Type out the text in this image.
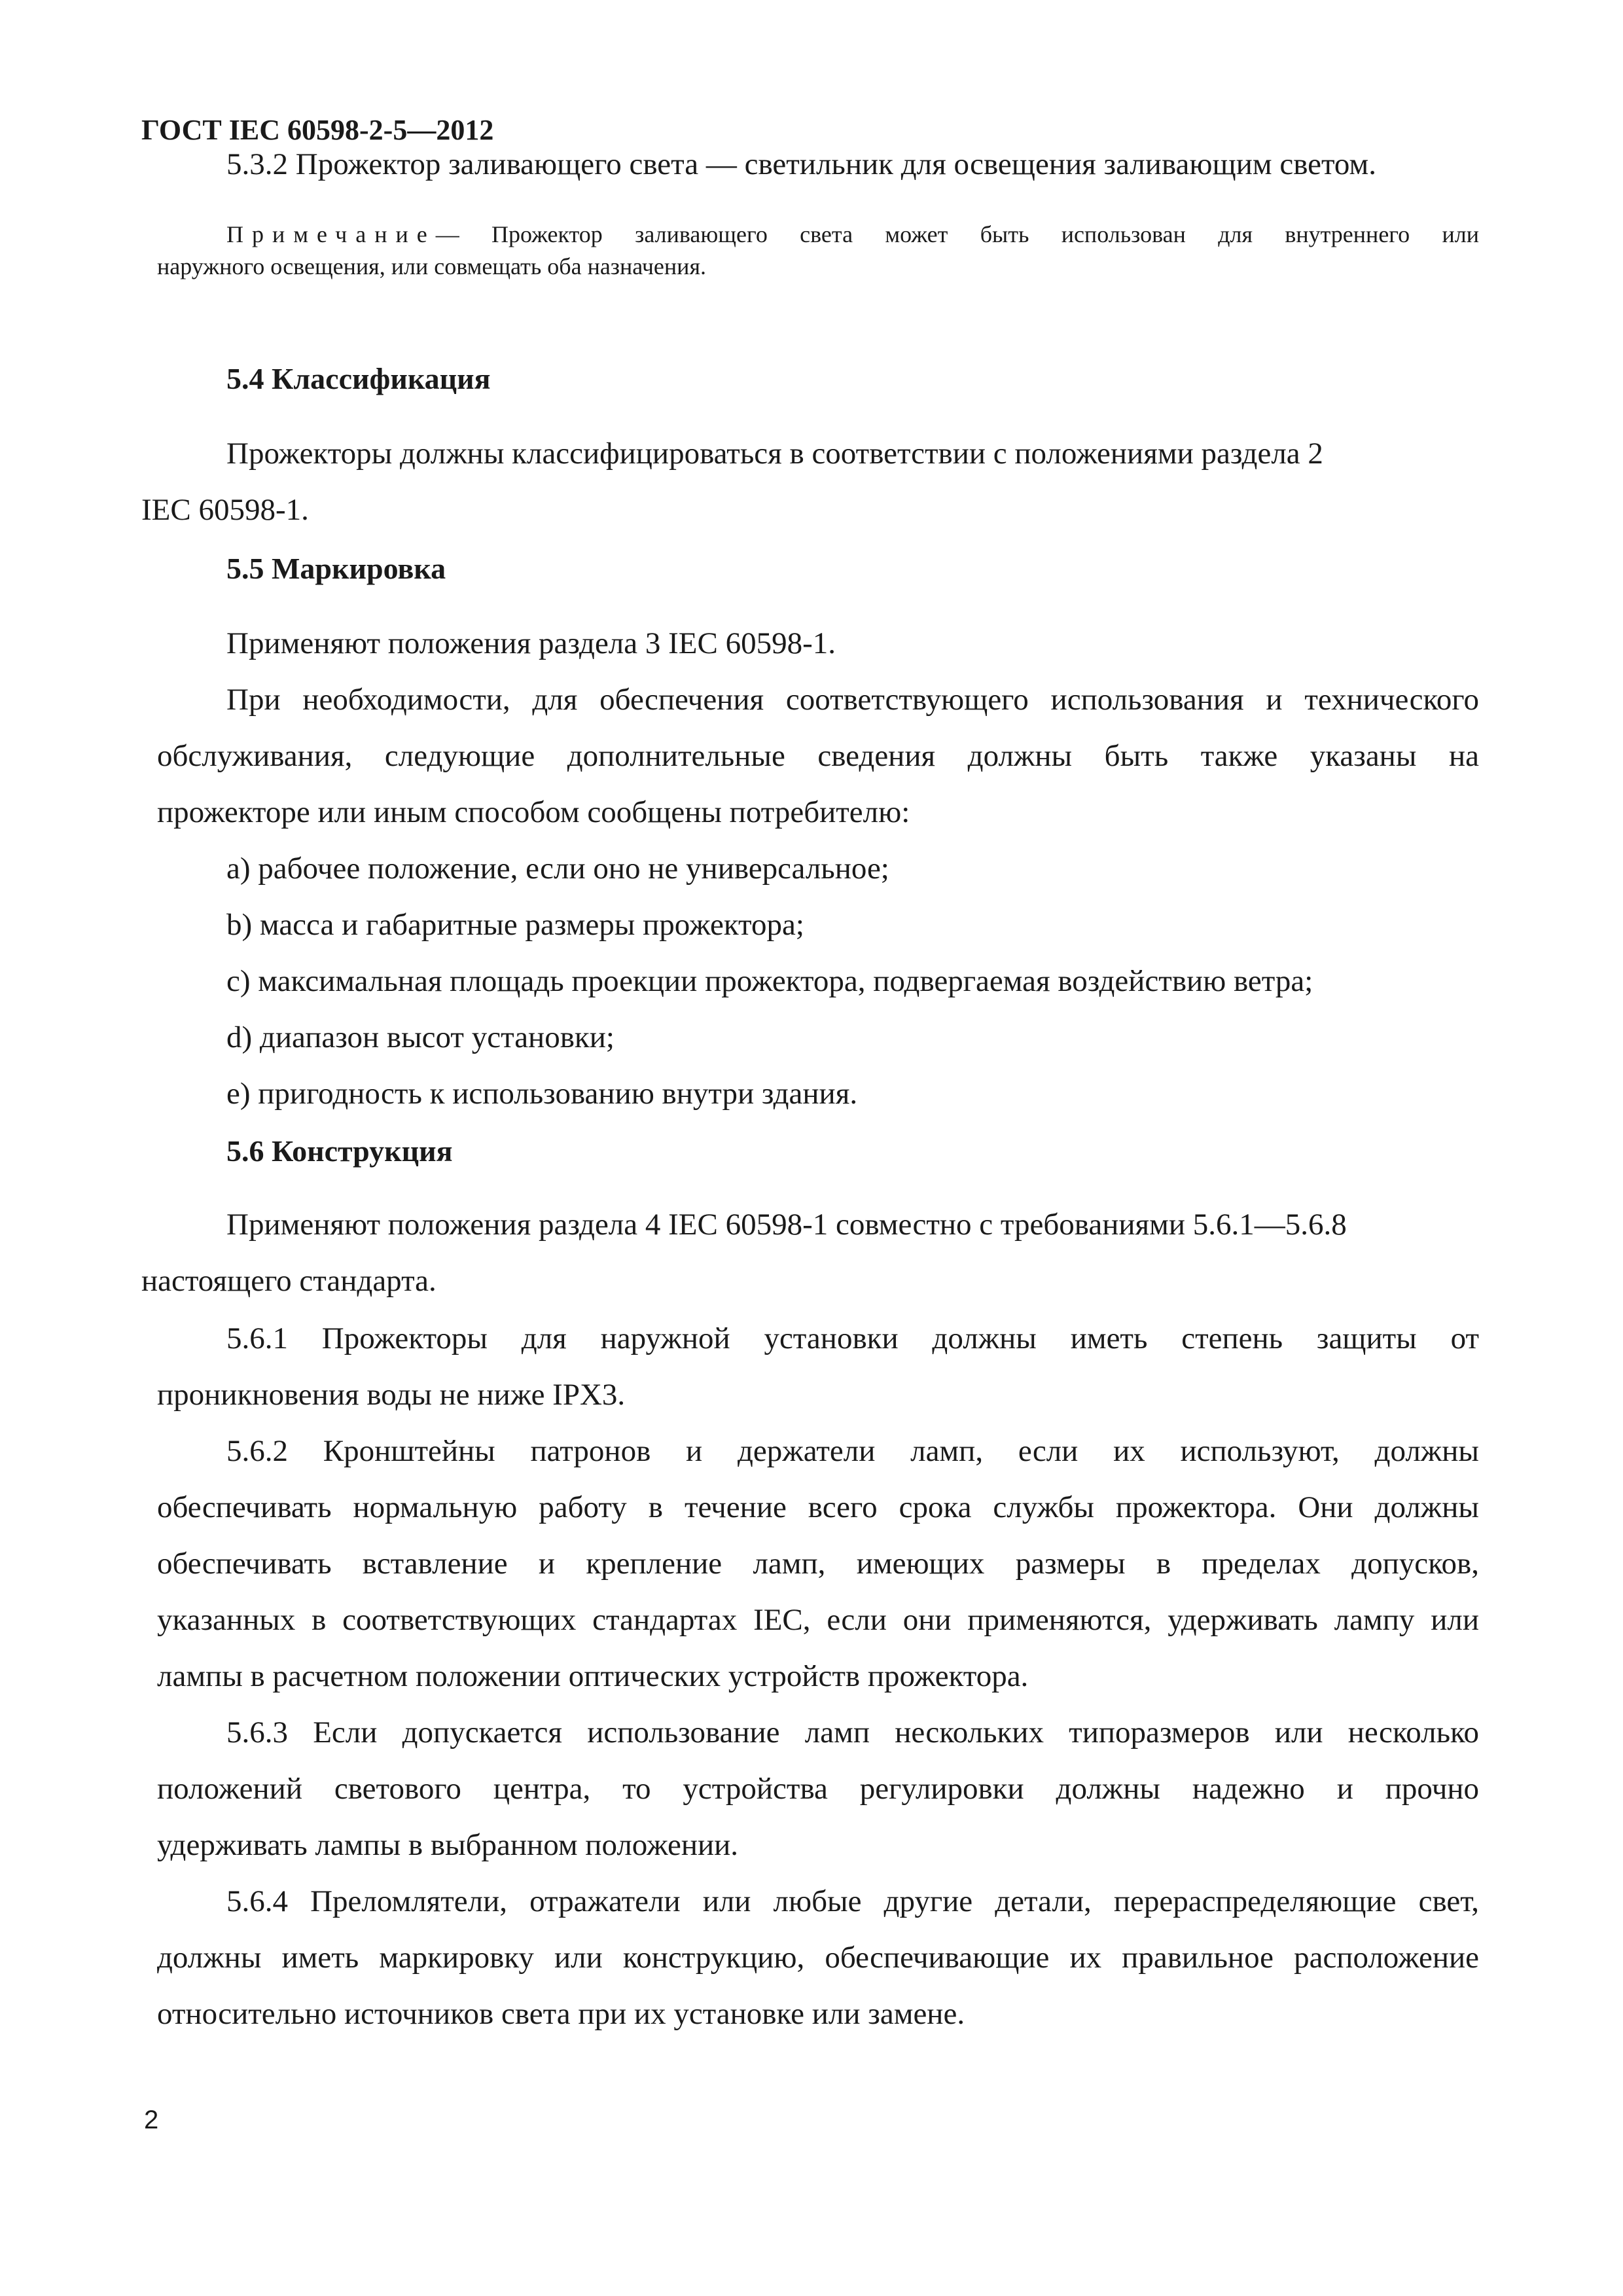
ГОСТ IEC 60598-2-5—2012
5.3.2 Прожектор заливающего света — светильник для освещения заливающим светом.
Примечание— Прожектор заливающего света может быть использован для внутреннего или
наружного освещения, или совмещать оба назначения.
5.4 Классификация
Прожекторы должны классифицироваться в соответствии с положениями раздела 2
IEC 60598-1.
5.5 Маркировка
Применяют положения раздела 3 IEC 60598-1.
При необходимости, для обеспечения соответствующего использования и технического
обслуживания, следующие дополнительные сведения должны быть также указаны на
прожекторе или иным способом сообщены потребителю:
a) рабочее положение, если оно не универсальное;
b) масса и габаритные размеры прожектора;
c) максимальная площадь проекции прожектора, подвергаемая воздействию ветра;
d) диапазон высот установки;
e) пригодность к использованию внутри здания.
5.6 Конструкция
Применяют положения раздела 4 IEC 60598-1 совместно с требованиями 5.6.1—5.6.8
настоящего стандарта.
5.6.1 Прожекторы для наружной установки должны иметь степень защиты от
проникновения воды не ниже IPX3.
5.6.2 Кронштейны патронов и держатели ламп, если их используют, должны
обеспечивать нормальную работу в течение всего срока службы прожектора. Они должны
обеспечивать вставление и крепление ламп, имеющих размеры в пределах допусков,
указанных в соответствующих стандартах IEC, если они применяются, удерживать лампу или
лампы в расчетном положении оптических устройств прожектора.
5.6.3 Если допускается использование ламп нескольких типоразмеров или несколько
положений светового центра, то устройства регулировки должны надежно и прочно
удерживать лампы в выбранном положении.
5.6.4 Преломлятели, отражатели или любые другие детали, перераспределяющие свет,
должны иметь маркировку или конструкцию, обеспечивающие их правильное расположение
относительно источников света при их установке или замене.
2
